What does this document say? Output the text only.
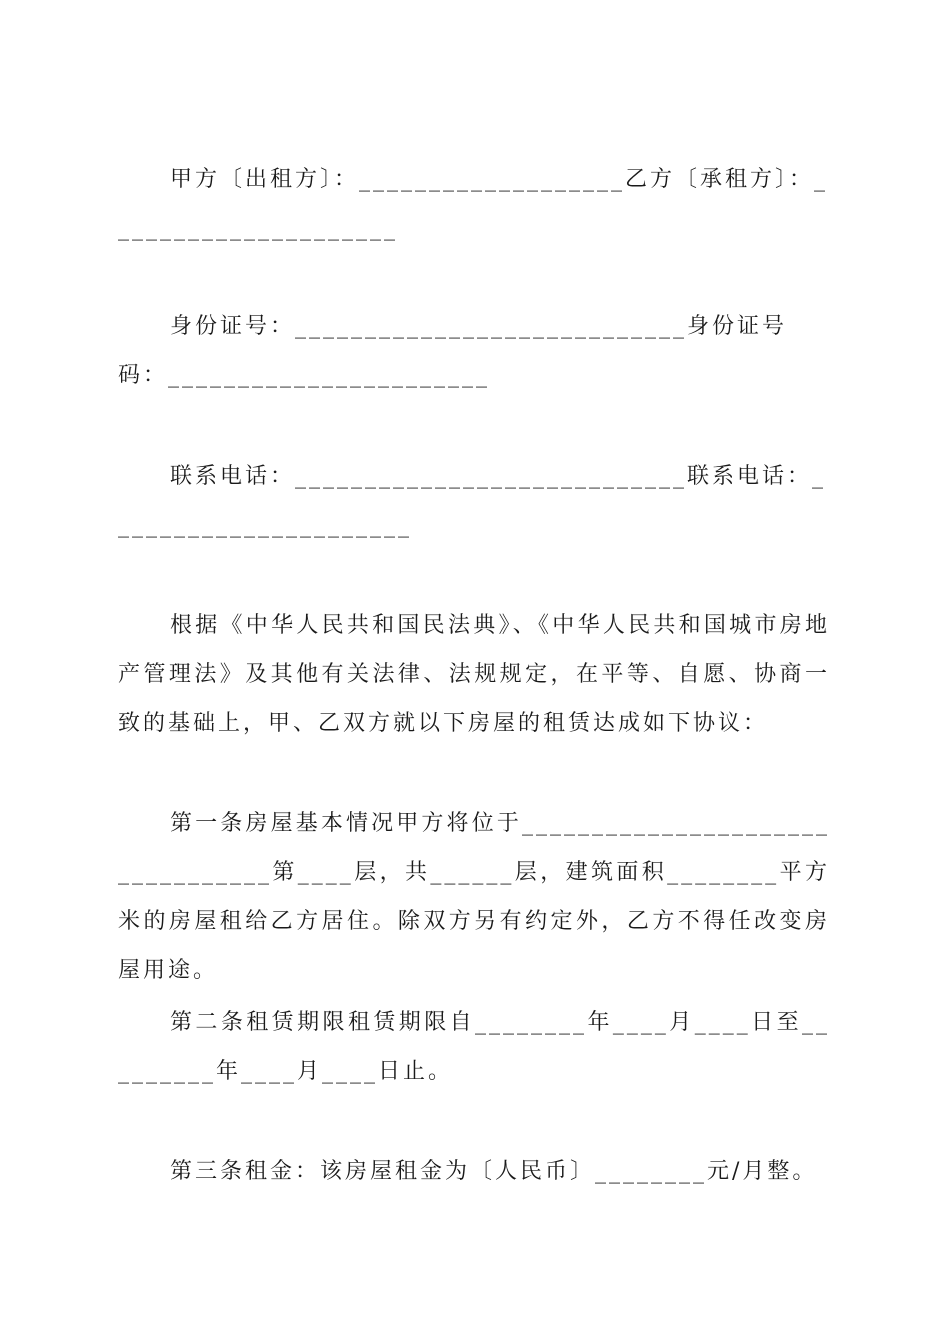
甲方〔出租方〕：___________________乙方〔承租方〕：_____________________

身份证号：____________________________身份证号码：_______________________

联系电话：____________________________联系电话：______________________

根据《中华人民共和国民法典》、《中华人民共和国城市房地产管理法》及其他有关法律、法规规定，在平等、自愿、协商一致的基础上，甲、乙双方就以下房屋的租赁达成如下协议：

第一条房屋基本情况甲方将位于_________________________________第____层，共______层，建筑面积________平方米的房屋租给乙方居住。除双方另有约定外，乙方不得任改变房屋用途。

第二条租赁期限租赁期限自________年____月____日至_________年____月____日止。

第三条租金：该房屋租金为〔人民币〕________元/月整。
